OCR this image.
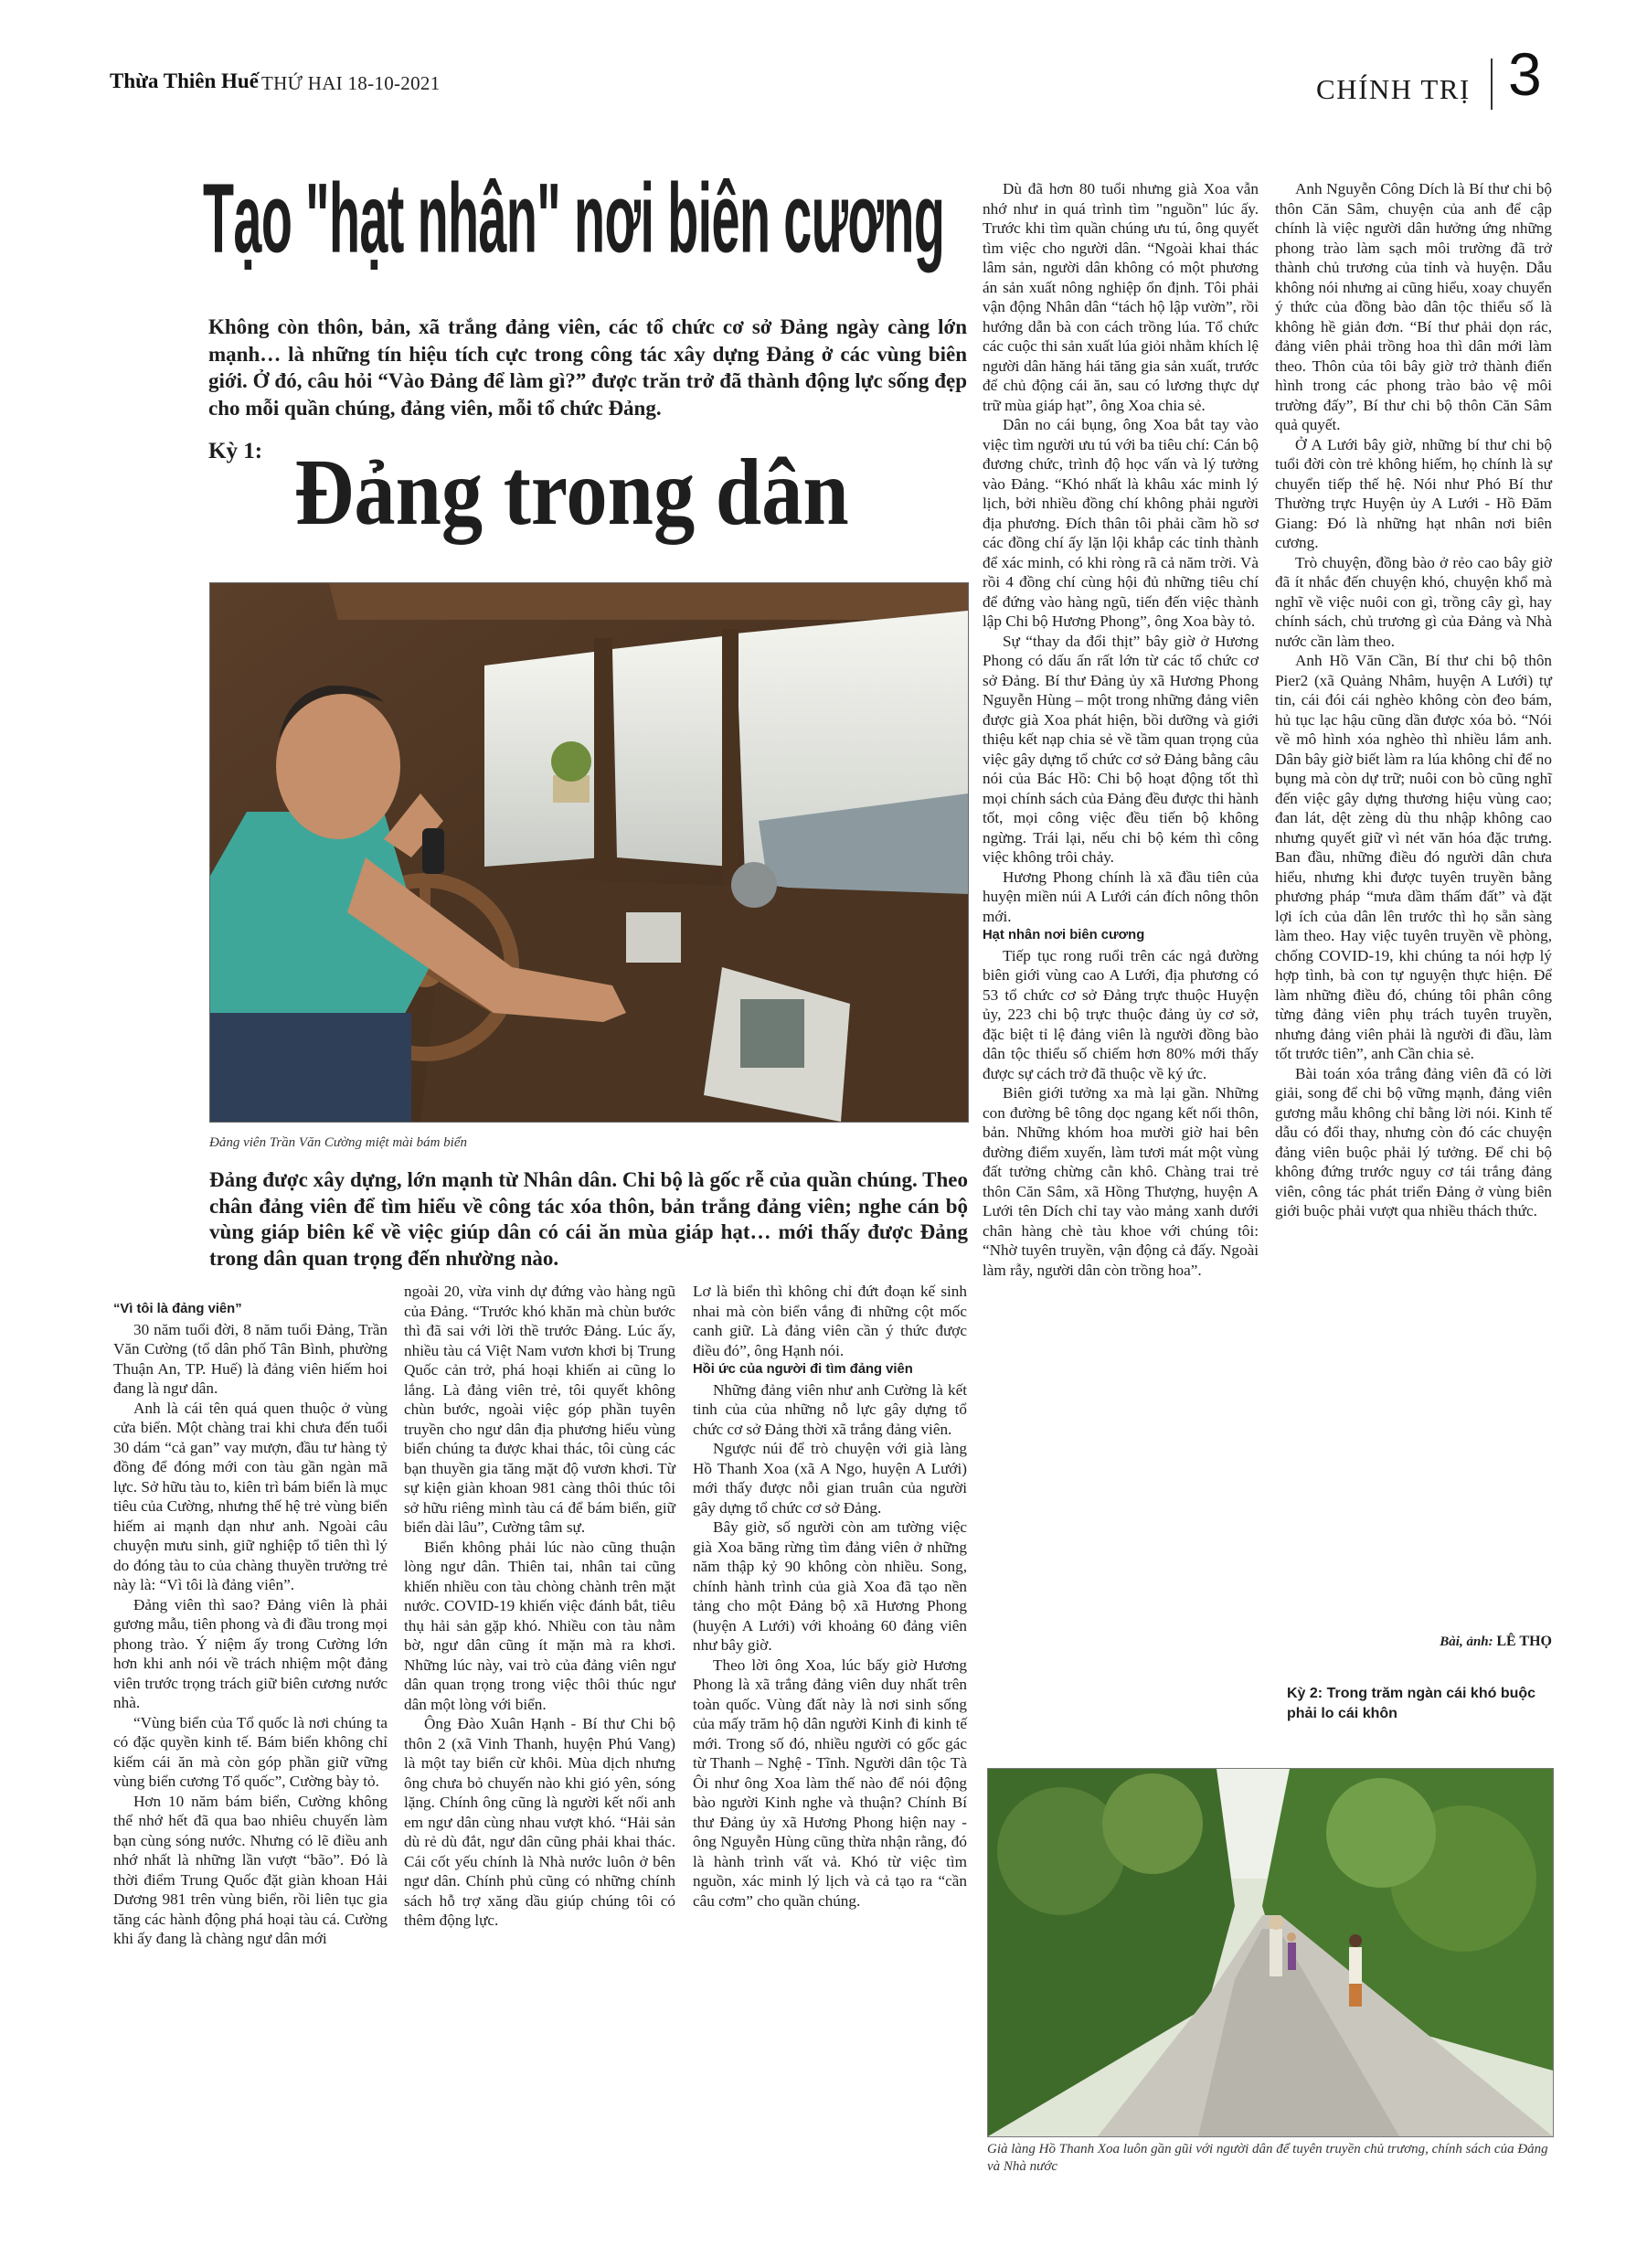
Thừa Thiên Huế THỨ HAI 18-10-2021	CHÍNH TRỊ 3
Tạo "hạt nhân" nơi biên cương
Không còn thôn, bản, xã trắng đảng viên, các tổ chức cơ sở Đảng ngày càng lớn mạnh… là những tín hiệu tích cực trong công tác xây dựng Đảng ở các vùng biên giới. Ở đó, câu hỏi “Vào Đảng để làm gì?” được trăn trở đã thành động lực sống đẹp cho mỗi quần chúng, đảng viên, mỗi tổ chức Đảng.
Kỳ 1: Đảng trong dân
Đảng viên Trần Văn Cường miệt mài bám biển
Đảng được xây dựng, lớn mạnh từ Nhân dân. Chi bộ là gốc rễ của quần chúng. Theo chân đảng viên để tìm hiểu về công tác xóa thôn, bản trắng đảng viên; nghe cán bộ vùng giáp biên kể về việc giúp dân có cái ăn mùa giáp hạt… mới thấy được Đảng trong dân quan trọng đến nhường nào.
“Vì tôi là đảng viên”

30 năm tuổi đời, 8 năm tuổi Đảng, Trần Văn Cường (tổ dân phố Tân Bình, phường Thuận An, TP. Huế) là đảng viên hiếm hoi đang là ngư dân.

Anh là cái tên quá quen thuộc ở vùng cửa biển. Một chàng trai khi chưa đến tuổi 30 dám “cả gan” vay mượn, đầu tư hàng tỷ đồng để đóng mới con tàu gần ngàn mã lực. Sở hữu tàu to, kiên trì bám biển là mục tiêu của Cường, nhưng thế hệ trẻ vùng biển hiếm ai mạnh dạn như anh. Ngoài câu chuyện mưu sinh, giữ nghiệp tổ tiên thì lý do đóng tàu to của chàng thuyền trưởng trẻ này là: “Vì tôi là đảng viên”.

Đảng viên thì sao? Đảng viên là phải gương mẫu, tiên phong và đi đầu trong mọi phong trào. Ý niệm ấy trong Cường lớn hơn khi anh nói về trách nhiệm một đảng viên trước trọng trách giữ biên cương nước nhà.

“Vùng biển của Tổ quốc là nơi chúng ta có đặc quyền kinh tế. Bám biển không chỉ kiếm cái ăn mà còn góp phần giữ vững vùng biển cương Tổ quốc”, Cường bày tỏ.

Hơn 10 năm bám biển, Cường không thể nhớ hết đã qua bao nhiêu chuyến làm bạn cùng sóng nước. Nhưng có lẽ điều anh nhớ nhất là những lần vượt “bão”. Đó là thời điểm Trung Quốc đặt giàn khoan Hải Dương 981 trên vùng biển, rồi liên tục gia tăng các hành động phá hoại tàu cá. Cường khi ấy đang là chàng ngư dân mới

ngoài 20, vừa vinh dự đứng vào hàng ngũ của Đảng. “Trước khó khăn mà chùn bước thì đã sai với lời thề trước Đảng. Lúc ấy, nhiều tàu cá Việt Nam vươn khơi bị Trung Quốc cản trở, phá hoại khiến ai cũng lo lắng. Là đảng viên trẻ, tôi quyết không chùn bước, ngoài việc góp phần tuyên truyền cho ngư dân địa phương hiểu vùng biển chúng ta được khai thác, tôi cùng các bạn thuyền gia tăng mặt độ vươn khơi. Từ sự kiện giàn khoan 981 càng thôi thúc tôi sở hữu riêng mình tàu cá để bám biển, giữ biển dài lâu”, Cường tâm sự.

Biển không phải lúc nào cũng thuận lòng ngư dân. Thiên tai, nhân tai cũng khiến nhiều con tàu chòng chành trên mặt nước. COVID-19 khiến việc đánh bắt, tiêu thụ hải sản gặp khó. Nhiều con tàu nằm bờ, ngư dân cũng ít mặn mà ra khơi. Những lúc này, vai trò của đảng viên ngư dân quan trọng trong việc thôi thúc ngư dân một lòng với biển.

Ông Đào Xuân Hạnh - Bí thư Chi bộ thôn 2 (xã Vinh Thanh, huyện Phú Vang) là một tay biển cừ khôi. Mùa dịch nhưng ông chưa bỏ chuyến nào khi gió yên, sóng lặng. Chính ông cũng là người kết nối anh em ngư dân cùng nhau vượt khó. “Hải sản dù rẻ dù đắt, ngư dân cũng phải khai thác. Cái cốt yếu chính là Nhà nước luôn ở bên ngư dân. Chính phủ cũng có những chính sách hỗ trợ xăng dầu giúp chúng tôi có thêm động lực.

Lơ là biển thì không chỉ đứt đoạn kế sinh nhai mà còn biển vắng đi những cột mốc canh giữ. Là đảng viên cần ý thức được điều đó”, ông Hạnh nói.

Hồi ức của người đi tìm đảng viên

Những đảng viên như anh Cường là kết tinh của của những nỗ lực gây dựng tổ chức cơ sở Đảng thời xã trắng đảng viên.

Ngược núi để trò chuyện với già làng Hồ Thanh Xoa (xã A Ngo, huyện A Lưới) mới thấy được nỗi gian truân của người gây dựng tổ chức cơ sở Đảng.

Bây giờ, số người còn am tường việc già Xoa băng rừng tìm đảng viên ở những năm thập kỷ 90 không còn nhiều. Song, chính hành trình của già Xoa đã tạo nền tảng cho một Đảng bộ xã Hương Phong (huyện A Lưới) với khoảng 60 đảng viên như bây giờ.

Theo lời ông Xoa, lúc bấy giờ Hương Phong là xã trắng đảng viên duy nhất trên toàn quốc. Vùng đất này là nơi sinh sống của mấy trăm hộ dân người Kinh đi kinh tế mới. Trong số đó, nhiều người có gốc gác từ Thanh – Nghệ - Tĩnh. Người dân tộc Tà Ôi như ông Xoa làm thế nào để nói động bào người Kinh nghe và thuận? Chính Bí thư Đảng ủy xã Hương Phong hiện nay - ông Nguyễn Hùng cũng thừa nhận rằng, đó là hành trình vất vả. Khó từ việc tìm nguồn, xác minh lý lịch và cả tạo ra “cần câu cơm” cho quần chúng.

Dù đã hơn 80 tuổi nhưng già Xoa vẫn nhớ như in quá trình tìm "nguồn" lúc ấy. Trước khi tìm quần chúng ưu tú, ông quyết tìm việc cho người dân. “Ngoài khai thác lâm sản, người dân không có một phương án sản xuất nông nghiệp ổn định. Tôi phải vận động Nhân dân “tách hộ lập vườn”, rồi hướng dẫn bà con cách trồng lúa. Tổ chức các cuộc thi sản xuất lúa giỏi nhằm khích lệ người dân hăng hái tăng gia sản xuất, trước để chủ động cái ăn, sau có lương thực dự trữ mùa giáp hạt”, ông Xoa chia sẻ.

Dân no cái bụng, ông Xoa bắt tay vào việc tìm người ưu tú với ba tiêu chí: Cán bộ đương chức, trình độ học vấn và lý tưởng vào Đảng. “Khó nhất là khâu xác minh lý lịch, bởi nhiều đồng chí không phải người địa phương. Đích thân tôi phải cầm hồ sơ các đồng chí ấy lặn lội khắp các tỉnh thành để xác minh, có khi ròng rã cả năm trời. Và rồi 4 đồng chí cùng hội đủ những tiêu chí để đứng vào hàng ngũ, tiến đến việc thành lập Chi bộ Hương Phong”, ông Xoa bày tỏ.

Sự “thay da đổi thịt” bây giờ ở Hương Phong có dấu ấn rất lớn từ các tổ chức cơ sở Đảng. Bí thư Đảng ủy xã Hương Phong Nguyễn Hùng – một trong những đảng viên được già Xoa phát hiện, bồi dưỡng và giới thiệu kết nạp chia sẻ về tầm quan trọng của việc gây dựng tổ chức cơ sở Đảng bằng câu nói của Bác Hồ: Chi bộ hoạt động tốt thì mọi chính sách của Đảng đều được thi hành tốt, mọi công việc đều tiến bộ không ngừng. Trái lại, nếu chi bộ kém thì công việc không trôi chảy.

Hương Phong chính là xã đầu tiên của huyện miền núi A Lưới cán đích nông thôn mới.

Hạt nhân nơi biên cương

Tiếp tục rong ruổi trên các ngả đường biên giới vùng cao A Lưới, địa phương có 53 tổ chức cơ sở Đảng trực thuộc Huyện ủy, 223 chi bộ trực thuộc đảng ủy cơ sở, đặc biệt tỉ lệ đảng viên là người đồng bào dân tộc thiểu số chiếm hơn 80% mới thấy được sự cách trở đã thuộc về ký ức.

Biên giới tưởng xa mà lại gần. Những con đường bê tông dọc ngang kết nối thôn, bản. Những khóm hoa mười giờ hai bên đường điểm xuyến, làm tươi mát một vùng đất tưởng chừng cằn khô. Chàng trai trẻ thôn Căn Sâm, xã Hồng Thượng, huyện A Lưới tên Dích chỉ tay vào mảng xanh dưới chân hàng chè tàu khoe với chúng tôi: “Nhờ tuyên truyền, vận động cả đấy. Ngoài làm rẫy, người dân còn trồng hoa”.

Anh Nguyễn Công Dích là Bí thư chi bộ thôn Căn Sâm, chuyện của anh để cập chính là việc người dân hưởng ứng những phong trào làm sạch môi trường đã trở thành chủ trương của tỉnh và huyện. Dẫu không nói nhưng ai cũng hiểu, xoay chuyển ý thức của đồng bào dân tộc thiểu số là không hề giản đơn. “Bí thư phải dọn rác, đảng viên phải trồng hoa thì dân mới làm theo. Thôn của tôi bây giờ trở thành điển hình trong các phong trào bảo vệ môi trường đấy”, Bí thư chi bộ thôn Căn Sâm quả quyết.

Ở A Lưới bây giờ, những bí thư chi bộ tuổi đời còn trẻ không hiếm, họ chính là sự chuyển tiếp thế hệ. Nói như Phó Bí thư Thường trực Huyện ủy A Lưới - Hồ Đăm Giang: Đó là những hạt nhân nơi biên cương.

Trò chuyện, đồng bào ở rẻo cao bây giờ đã ít nhắc đến chuyện khó, chuyện khổ mà nghĩ về việc nuôi con gì, trồng cây gì, hay chính sách, chủ trương gì của Đảng và Nhà nước cần làm theo.

Anh Hồ Văn Cần, Bí thư chi bộ thôn Pier2 (xã Quảng Nhâm, huyện A Lưới) tự tin, cái đói cái nghèo không còn đeo bám, hủ tục lạc hậu cũng dần được xóa bỏ. “Nói về mô hình xóa nghèo thì nhiều lắm anh. Dân bây giờ biết làm ra lúa không chỉ để no bụng mà còn dự trữ; nuôi con bò cũng nghĩ đến việc gây dựng thương hiệu vùng cao; đan lát, dệt zèng dù thu nhập không cao nhưng quyết giữ vì nét văn hóa đặc trưng. Ban đầu, những điều đó người dân chưa hiểu, nhưng khi được tuyên truyền bằng phương pháp “mưa dầm thấm đất” và đặt lợi ích của dân lên trước thì họ sẵn sàng làm theo. Hay việc tuyên truyền về phòng, chống COVID-19, khi chúng ta nói hợp lý hợp tình, bà con tự nguyện thực hiện. Để làm những điều đó, chúng tôi phân công từng đảng viên phụ trách tuyên truyền, nhưng đảng viên phải là người đi đầu, làm tốt trước tiên”, anh Cần chia sẻ.

Bài toán xóa trắng đảng viên đã có lời giải, song để chi bộ vững mạnh, đảng viên gương mẫu không chỉ bằng lời nói. Kinh tế dẫu có đổi thay, nhưng còn đó các chuyện đảng viên buộc phải lý tưởng. Để chi bộ không đứng trước nguy cơ tái trắng đảng viên, công tác phát triển Đảng ở vùng biên giới buộc phải vượt qua nhiều thách thức.

Bài, ảnh: LÊ THỌ
Kỳ 2: Trong trăm ngàn cái khó buộc phải lo cái khôn
Già làng Hồ Thanh Xoa luôn gần gũi với người dân để tuyên truyền chủ trương, chính sách của Đảng và Nhà nước
